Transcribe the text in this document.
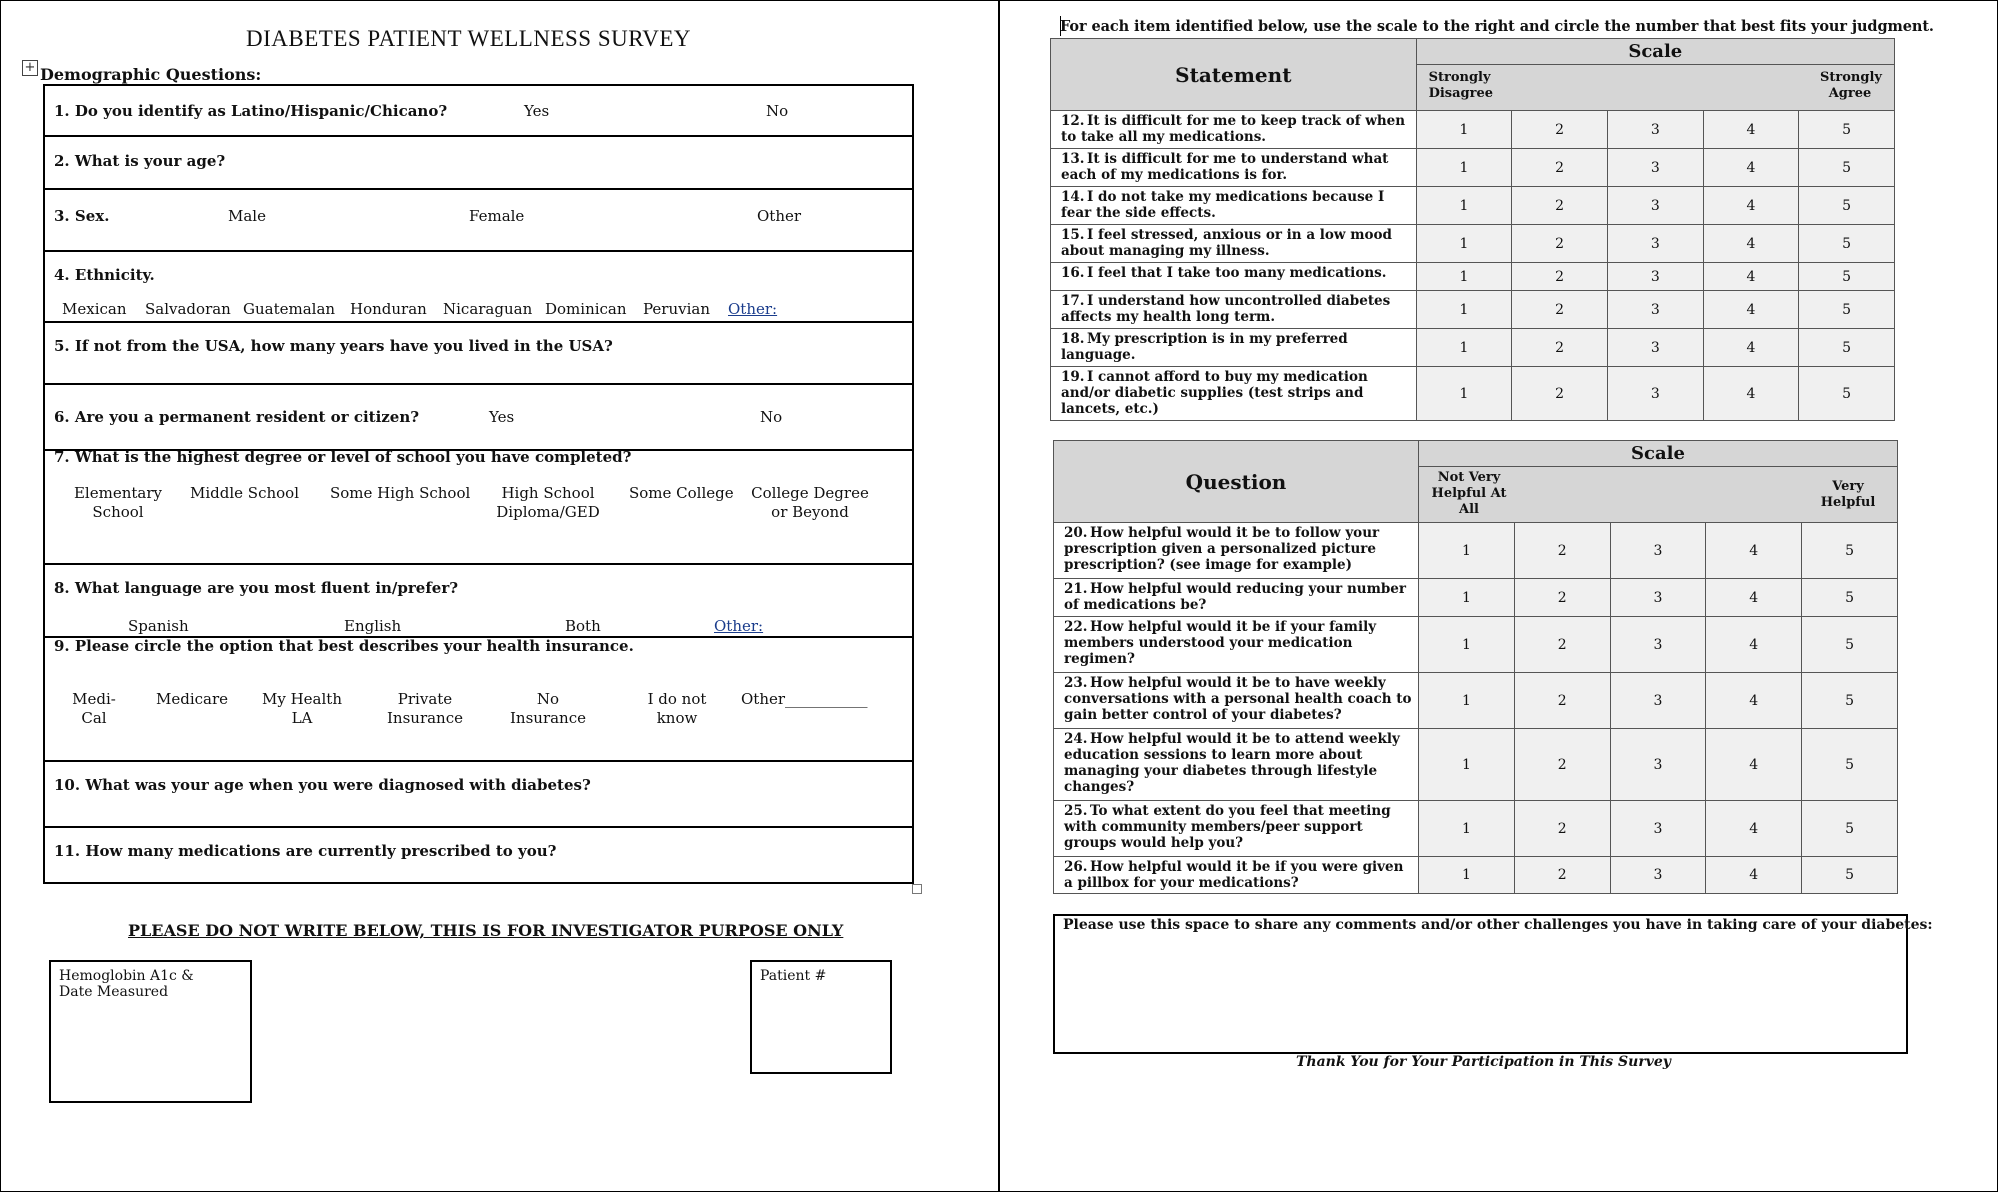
DIABETES PATIENT WELLNESS SURVEY
+ Demographic Questions:
1. Do you identify as Latino/Hispanic/Chicano?	Yes	No
2. What is your age?
3. Sex.	Male	Female	Other
4. Ethnicity.
Mexican Salvadoran Guatemalan Honduran Nicaraguan Dominican Peruvian Other:
5. If not from the USA, how many years have you lived in the USA?
6. Are you a permanent resident or citizen?	Yes	No
7. What is the highest degree or level of school you have completed?
Elementary School
Middle School Some High School	High School Diploma/GED
Some College College Degree or Beyond
8. What language are you most fluent in/prefer?
Spanish	English	Both	Other:
9. Please circle the option that best describes your health insurance.
Medi-Cal
Medicare	My Health LA
Private Insurance
No Insurance
I do not know
Other___________
10. What was your age when you were diagnosed with diabetes?
11. How many medications are currently prescribed to you?
PLEASE DO NOT WRITE BELOW, THIS IS FOR INVESTIGATOR PURPOSE ONLY
Hemoglobin A1c & Date Measured
Patient #
For each item identified below, use the scale to the right and circle the number that best fits your judgment.
Statement	Scale				

	Strongly Disagree
Strongly Agree				

12. It is difficult for me to keep track of when to take all my medications.	1	2	3	4	5
13. It is difficult for me to understand what each of my medications is for.	1	2	3	4	5
14. I do not take my medications because I fear the side effects.	1	2	3	4	5
15. I feel stressed, anxious or in a low mood about managing my illness.	1	2	3	4	5
16. I feel that I take too many medications.	1	2	3	4	5
17. I understand how uncontrolled diabetes affects my health long term.	1	2	3	4	5
18. My prescription is in my preferred language.	1	2	3	4	5
19. I cannot afford to buy my medication and/or diabetic supplies (test strips and lancets, etc.)	1	2	3	4	5
Question	Scale				

	Not Very Helpful At All
Very Helpful				

20. How helpful would it be to follow your prescription given a personalized picture prescription? (see image for example)	1	2	3	4	5
21. How helpful would reducing your number of medications be?	1	2	3	4	5
22. How helpful would it be if your family members understood your medication regimen?	1	2	3	4	5
23. How helpful would it be to have weekly conversations with a personal health coach to gain better control of your diabetes?	1	2	3	4	5
24. How helpful would it be to attend weekly education sessions to learn more about managing your diabetes through lifestyle changes?	1	2	3	4	5
25. To what extent do you feel that meeting with community members/peer support groups would help you?	1	2	3	4	5
26. How helpful would it be if you were given a pillbox for your medications?	1	2	3	4	5
Please use this space to share any comments and/or other challenges you have in taking care of your diabetes:
Thank You for Your Participation in This Survey
